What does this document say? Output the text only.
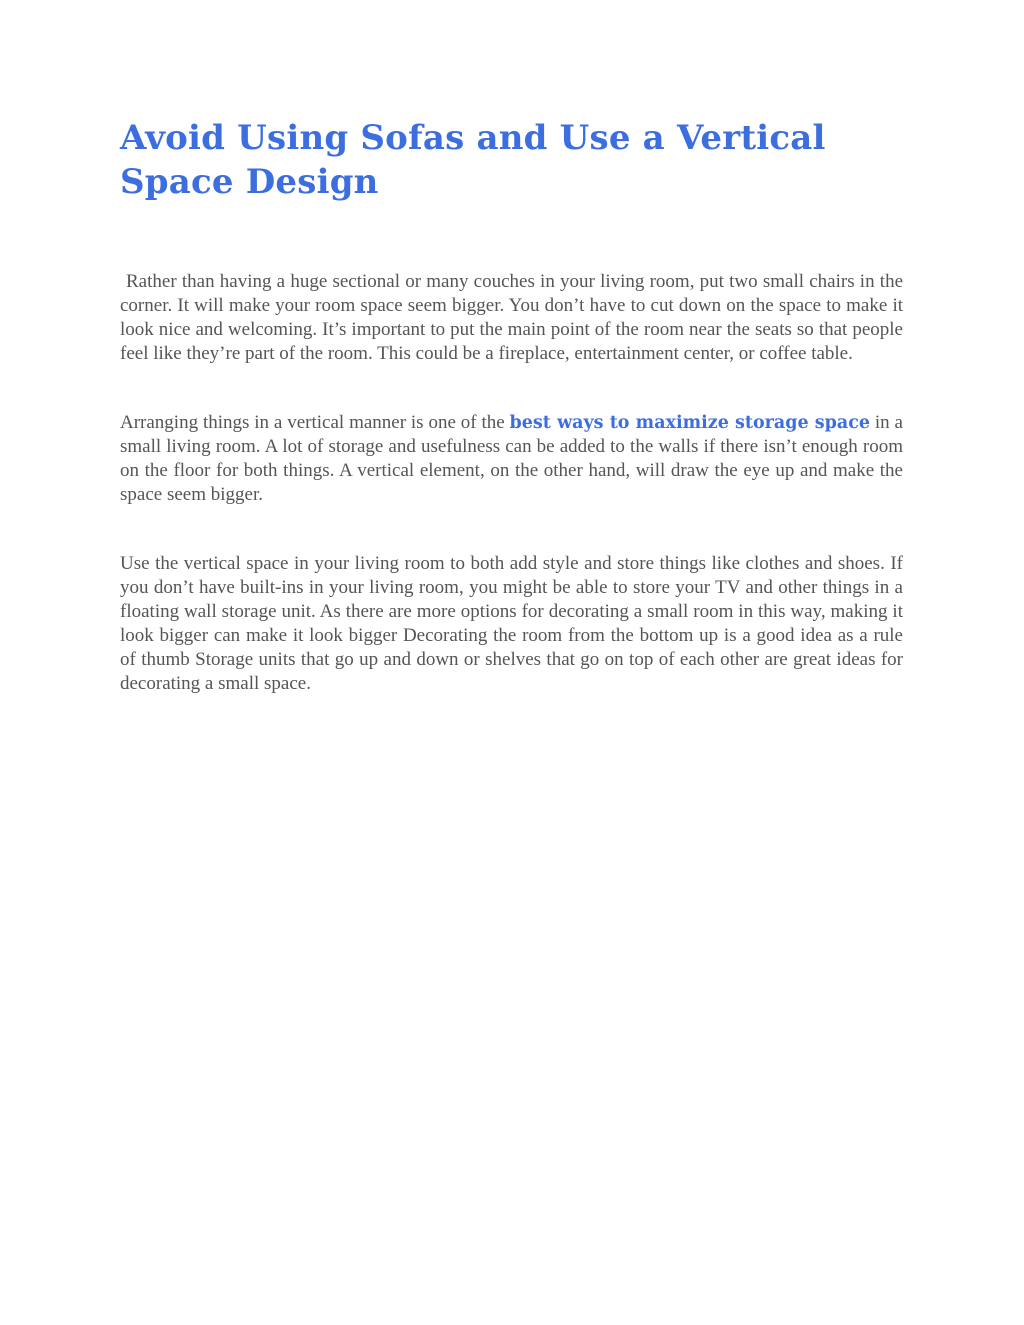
Avoid Using Sofas and Use a Vertical Space Design

Rather than having a huge sectional or many couches in your living room, put two small chairs in the corner. It will make your room space seem bigger. You don’t have to cut down on the space to make it look nice and welcoming. It’s important to put the main point of the room near the seats so that people feel like they’re part of the room. This could be a fireplace, entertainment center, or coffee table.

Arranging things in a vertical manner is one of the best ways to maximize storage space in a small living room. A lot of storage and usefulness can be added to the walls if there isn’t enough room on the floor for both things. A vertical element, on the other hand, will draw the eye up and make the space seem bigger.

Use the vertical space in your living room to both add style and store things like clothes and shoes. If you don’t have built-ins in your living room, you might be able to store your TV and other things in a floating wall storage unit. As there are more options for decorating a small room in this way, making it look bigger can make it look bigger Decorating the room from the bottom up is a good idea as a rule of thumb Storage units that go up and down or shelves that go on top of each other are great ideas for decorating a small space.
